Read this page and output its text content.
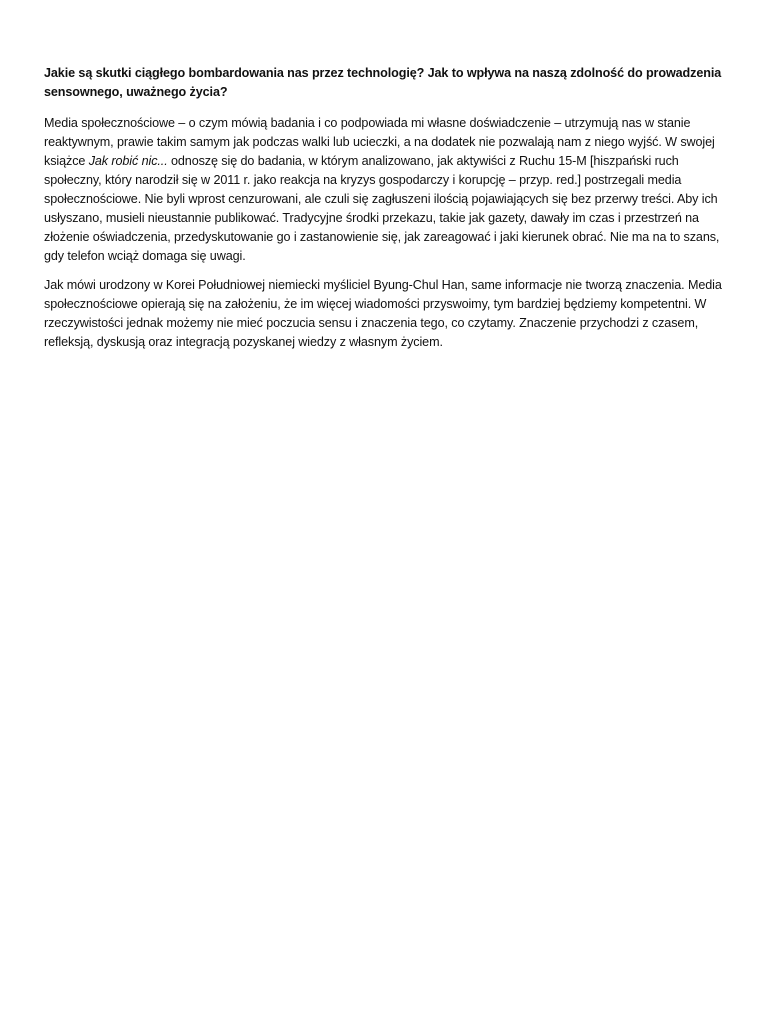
Jakie są skutki ciągłego bombardowania nas przez technologię? Jak to wpływa na naszą zdolność do prowadzenia sensownego, uważnego życia?

Media społecznościowe – o czym mówią badania i co podpowiada mi własne doświadczenie – utrzymują nas w stanie reaktywnym, prawie takim samym jak podczas walki lub ucieczki, a na dodatek nie pozwalają nam z niego wyjść. W swojej książce Jak robić nic... odnoszę się do badania, w którym analizowano, jak aktywiści z Ruchu 15-M [hiszpański ruch społeczny, który narodził się w 2011 r. jako reakcja na kryzys gospodarczy i korupcję – przyp. red.] postrzegali media społecznościowe. Nie byli wprost cenzurowani, ale czuli się zagłuszeni ilością pojawiających się bez przerwy treści. Aby ich usłyszano, musieli nieustannie publikować. Tradycyjne środki przekazu, takie jak gazety, dawały im czas i przestrzeń na złożenie oświadczenia, przedyskutowanie go i zastanowienie się, jak zareagować i jaki kierunek obrać. Nie ma na to szans, gdy telefon wciąż domaga się uwagi.

Jak mówi urodzony w Korei Południowej niemiecki myśliciel Byung-Chul Han, same informacje nie tworzą znaczenia. Media społecznościowe opierają się na założeniu, że im więcej wiadomości przyswoimy, tym bardziej będziemy kompetentni. W rzeczywistości jednak możemy nie mieć poczucia sensu i znaczenia tego, co czytamy. Znaczenie przychodzi z czasem, refleksją, dyskusją oraz integracją pozyskanej wiedzy z własnym życiem.
